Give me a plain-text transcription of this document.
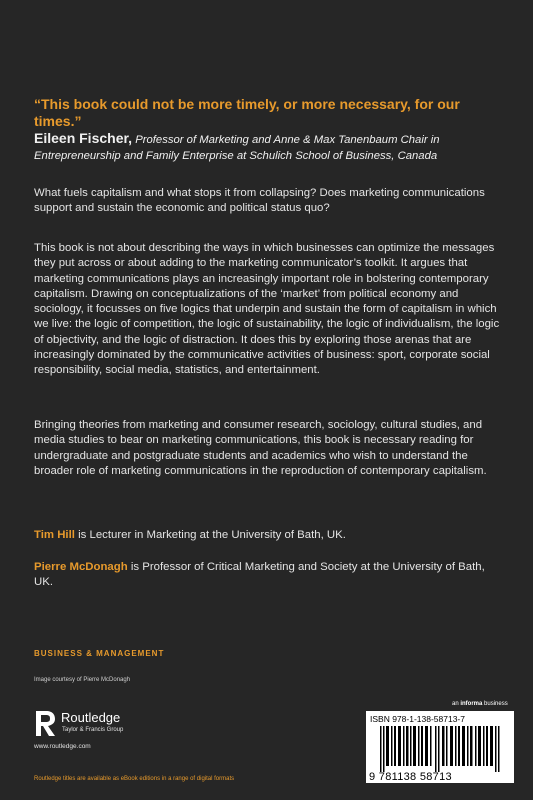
“This book could not be more timely, or more necessary, for our times.”

Eileen Fischer, Professor of Marketing and Anne & Max Tanenbaum Chair in Entrepreneurship and Family Enterprise at Schulich School of Business, Canada

What fuels capitalism and what stops it from collapsing? Does marketing communications support and sustain the economic and political status quo?

This book is not about describing the ways in which businesses can optimize the messages they put across or about adding to the marketing communicator’s toolkit. It argues that marketing communications plays an increasingly important role in bolstering contemporary capitalism. Drawing on conceptualizations of the ‘market’ from political economy and sociology, it focusses on five logics that underpin and sustain the form of capitalism in which we live: the logic of competition, the logic of sustainability, the logic of individualism, the logic of objectivity, and the logic of distraction. It does this by exploring those arenas that are increasingly dominated by the communicative activities of business: sport, corporate social responsibility, social media, statistics, and entertainment.

Bringing theories from marketing and consumer research, sociology, cultural studies, and media studies to bear on marketing communications, this book is necessary reading for undergraduate and postgraduate students and academics who wish to understand the broader role of marketing communications in the reproduction of contemporary capitalism.

Tim Hill is Lecturer in Marketing at the University of Bath, UK.

Pierre McDonagh is Professor of Critical Marketing and Society at the University of Bath, UK.

BUSINESS & MANAGEMENT

Image courtesy of Pierre McDonagh

an informa business
Routledge
Taylor & Francis Group
www.routledge.com
ISBN 978-1-138-58713-7
9 781138 58713
Routledge titles are available as eBook editions in a range of digital formats
